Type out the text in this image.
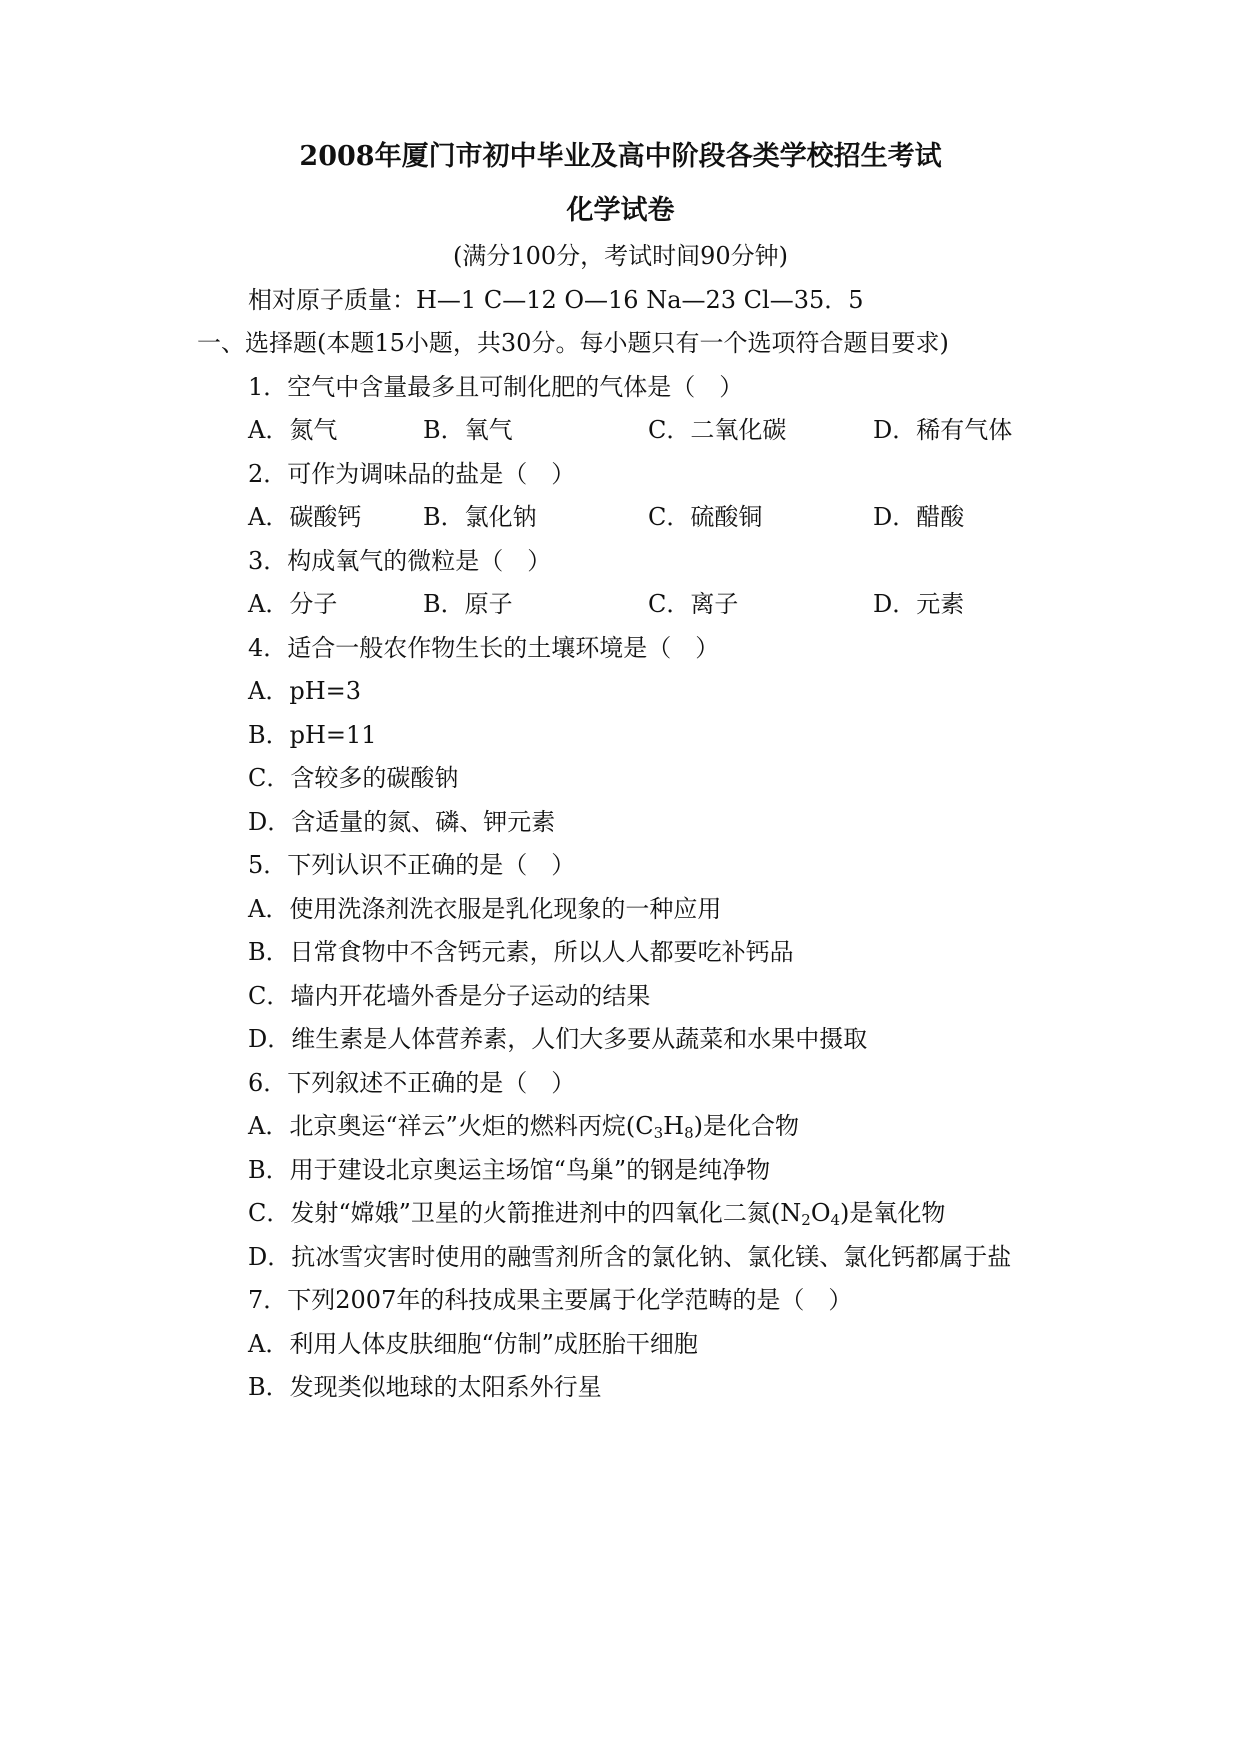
2008年厦门市初中毕业及高中阶段各类学校招生考试
化学试卷
(满分100分，考试时间90分钟)
相对原子质量：H—1 C—12 O—16 Na—23 Cl—35．5
一、选择题(本题15小题，共30分。每小题只有一个选项符合题目要求)
1．空气中含量最多且可制化肥的气体是（　）
A．氮气	B．氧气	C．二氧化碳	D．稀有气体
2．可作为调味品的盐是（　）
A．碳酸钙	B．氯化钠	C．硫酸铜	D．醋酸
3．构成氧气的微粒是（　）
A．分子	B．原子	C．离子	D．元素
4．适合一般农作物生长的土壤环境是（　）
A．pH=3
B．pH=11
C．含较多的碳酸钠
D．含适量的氮、磷、钾元素
5．下列认识不正确的是（　）
A．使用洗涤剂洗衣服是乳化现象的一种应用
B．日常食物中不含钙元素，所以人人都要吃补钙品
C．墙内开花墙外香是分子运动的结果
D．维生素是人体营养素，人们大多要从蔬菜和水果中摄取
6．下列叙述不正确的是（　）
A．北京奥运“祥云”火炬的燃料丙烷$(C_3H_8)$是化合物
B．用于建设北京奥运主场馆“鸟巢”的钢是纯净物
C．发射“嫦娥”卫星的火箭推进剂中的四氧化二氮$(N_2O_4)$是氧化物
D．抗冰雪灾害时使用的融雪剂所含的氯化钠、氯化镁、氯化钙都属于盐
7．下列2007年的科技成果主要属于化学范畴的是（　）
A．利用人体皮肤细胞“仿制”成胚胎干细胞
B．发现类似地球的太阳系外行星
